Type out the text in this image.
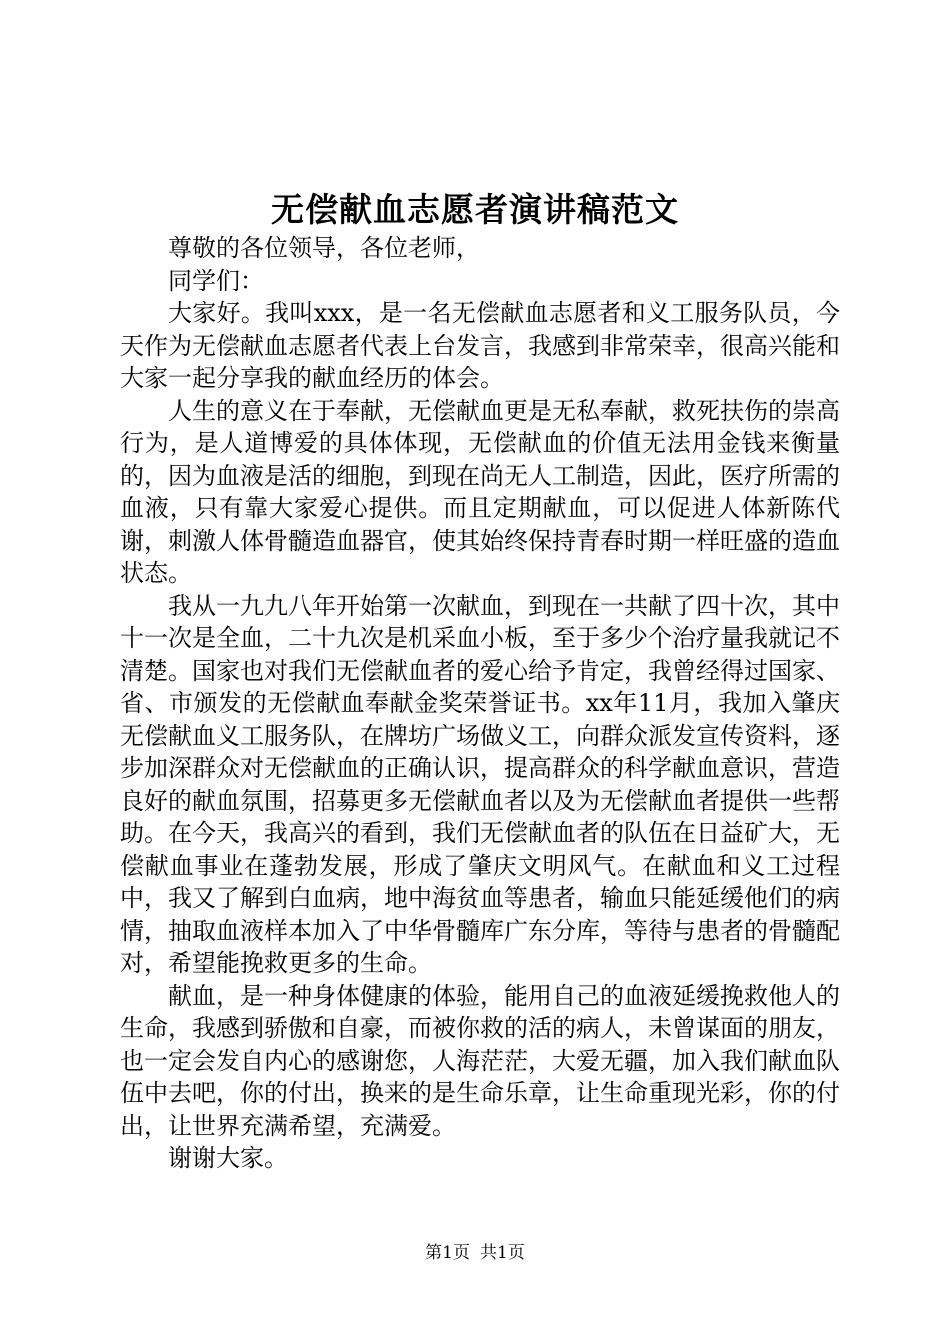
无偿献血志愿者演讲稿范文

尊敬的各位领导，各位老师，

同学们：

大家好。我叫xxx，是一名无偿献血志愿者和义工服务队员，今天作为无偿献血志愿者代表上台发言，我感到非常荣幸，很高兴能和大家一起分享我的献血经历的体会。

人生的意义在于奉献，无偿献血更是无私奉献，救死扶伤的崇高行为，是人道博爱的具体体现，无偿献血的价值无法用金钱来衡量的，因为血液是活的细胞，到现在尚无人工制造，因此，医疗所需的血液，只有靠大家爱心提供。而且定期献血，可以促进人体新陈代谢，刺激人体骨髓造血器官，使其始终保持青春时期一样旺盛的造血状态。

我从一九九八年开始第一次献血，到现在一共献了四十次，其中十一次是全血，二十九次是机采血小板，至于多少个治疗量我就记不清楚。国家也对我们无偿献血者的爱心给予肯定，我曾经得过国家、省、市颁发的无偿献血奉献金奖荣誉证书。xx年11月，我加入肇庆无偿献血义工服务队，在牌坊广场做义工，向群众派发宣传资料，逐步加深群众对无偿献血的正确认识，提高群众的科学献血意识，营造良好的献血氛围，招募更多无偿献血者以及为无偿献血者提供一些帮助。在今天，我高兴的看到，我们无偿献血者的队伍在日益矿大，无偿献血事业在蓬勃发展，形成了肇庆文明风气。在献血和义工过程中，我又了解到白血病，地中海贫血等患者，输血只能延缓他们的病情，抽取血液样本加入了中华骨髓库广东分库，等待与患者的骨髓配对，希望能挽救更多的生命。

献血，是一种身体健康的体验，能用自己的血液延缓挽救他人的生命，我感到骄傲和自豪，而被你救的活的病人，未曾谋面的朋友，也一定会发自内心的感谢您，人海茫茫，大爱无疆，加入我们献血队伍中去吧，你的付出，换来的是生命乐章，让生命重现光彩，你的付出，让世界充满希望，充满爱。

谢谢大家。

第1页 共1页
